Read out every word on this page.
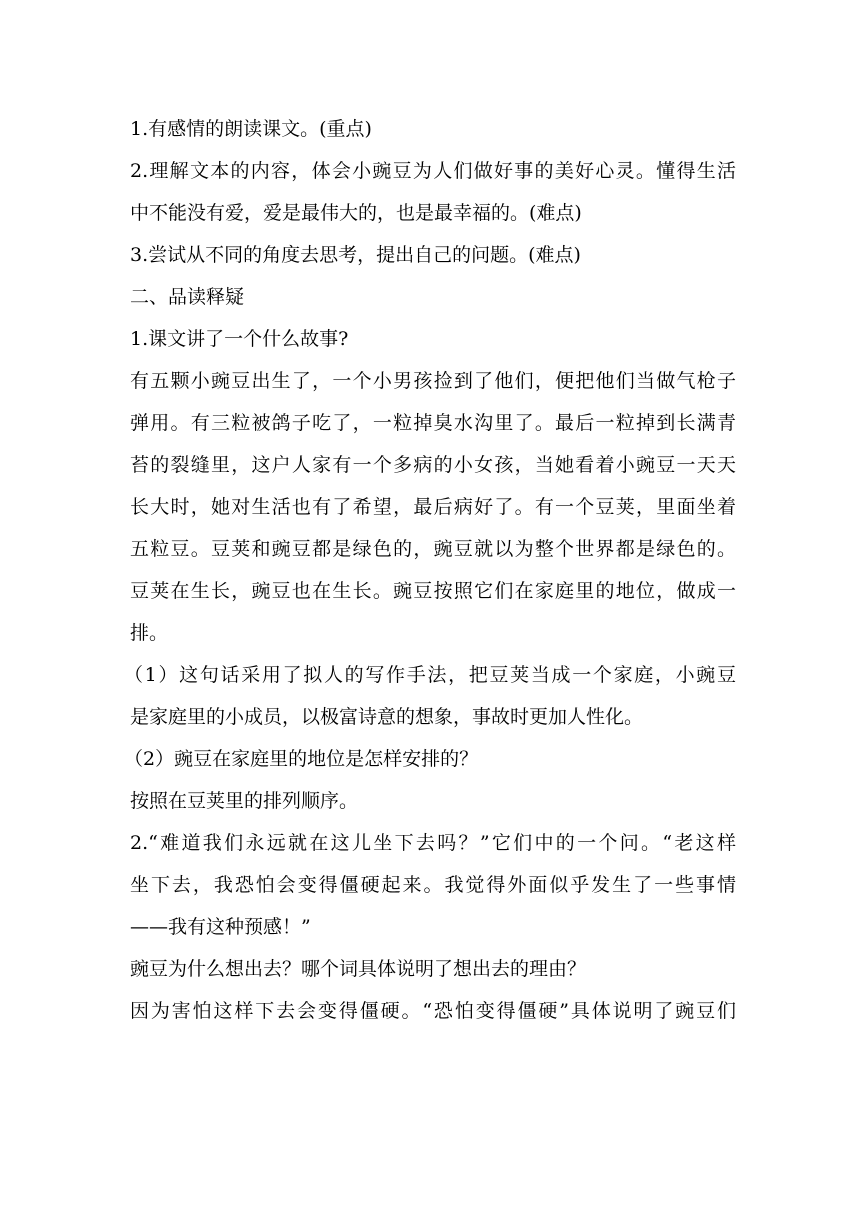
1.有感情的朗读课文。(重点)
2.理解文本的内容，体会小豌豆为人们做好事的美好心灵。懂得生活
中不能没有爱，爱是最伟大的，也是最幸福的。(难点)
3.尝试从不同的角度去思考，提出自己的问题。(难点)
二、品读释疑
1.课文讲了一个什么故事?
有五颗小豌豆出生了，一个小男孩捡到了他们，便把他们当做气枪子
弹用。有三粒被鸽子吃了，一粒掉臭水沟里了。最后一粒掉到长满青
苔的裂缝里，这户人家有一个多病的小女孩，当她看着小豌豆一天天
长大时，她对生活也有了希望，最后病好了。有一个豆荚，里面坐着
五粒豆。豆荚和豌豆都是绿色的，豌豆就以为整个世界都是绿色的。
豆荚在生长，豌豆也在生长。豌豆按照它们在家庭里的地位，做成一
排。
（1）这句话采用了拟人的写作手法，把豆荚当成一个家庭，小豌豆
是家庭里的小成员，以极富诗意的想象，事故时更加人性化。
（2）豌豆在家庭里的地位是怎样安排的？
按照在豆荚里的排列顺序。
2.“难道我们永远就在这儿坐下去吗？”它们中的一个问。“老这样
坐下去，我恐怕会变得僵硬起来。我觉得外面似乎发生了一些事情
——我有这种预感！”
豌豆为什么想出去？哪个词具体说明了想出去的理由？
因为害怕这样下去会变得僵硬。“恐怕变得僵硬”具体说明了豌豆们
